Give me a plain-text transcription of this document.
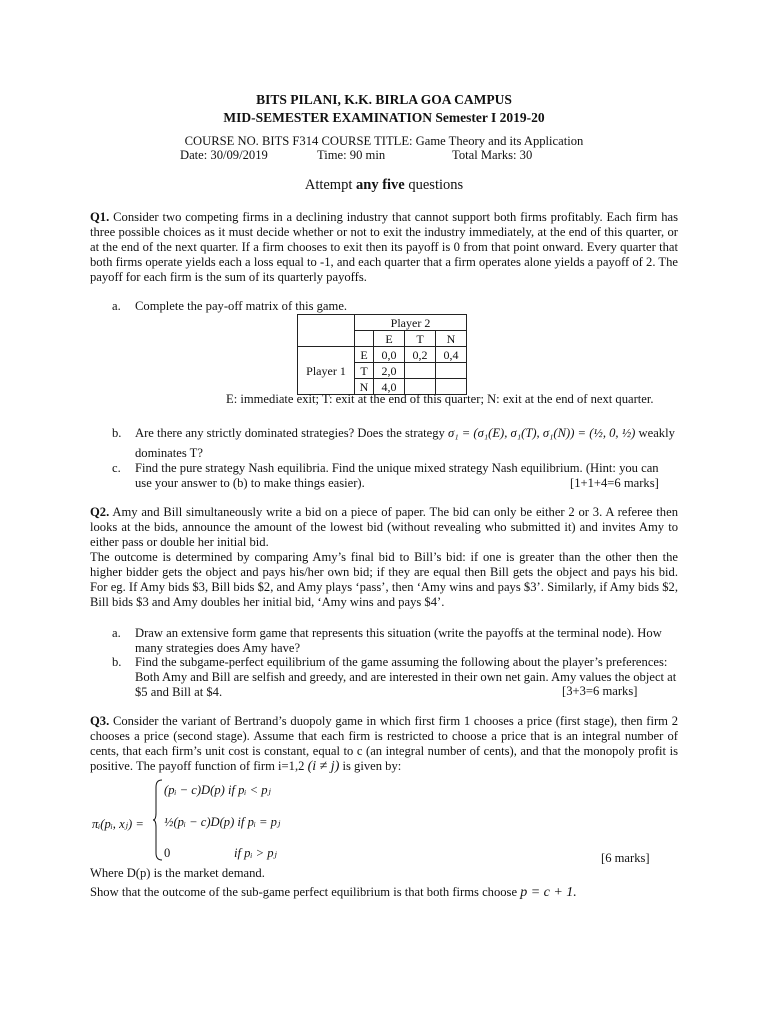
BITS PILANI, K.K. BIRLA GOA CAMPUS
MID-SEMESTER EXAMINATION Semester I 2019-20
COURSE NO. BITS F314 COURSE TITLE: Game Theory and its Application
Date: 30/09/2019	Time: 90 min	Total Marks: 30
Attempt any five questions
Q1. Consider two competing firms in a declining industry that cannot support both firms profitably. Each firm has three possible choices as it must decide whether or not to exit the industry immediately, at the end of this quarter, or at the end of the next quarter. If a firm chooses to exit then its payoff is 0 from that point onward. Every quarter that both firms operate yields each a loss equal to -1, and each quarter that a firm operates alone yields a payoff of 2. The payoff for each firm is the sum of its quarterly payoffs.
a. Complete the pay-off matrix of this game.
	Player 2			
		E	T	N
Player 1	E	0,0	0,2	0,4
	T	2,0		
	N	4,0		
E: immediate exit; T: exit at the end of this quarter; N: exit at the end of next quarter.
b. Are there any strictly dominated strategies? Does the strategy σ₁ = (σ₁(E), σ₁(T), σ₁(N)) = (½, 0, ½) weakly
dominates T?
c. Find the pure strategy Nash equilibria. Find the unique mixed strategy Nash equilibrium. (Hint: you can use your answer to (b) to make things easier).	[1+1+4=6 marks]
Q2. Amy and Bill simultaneously write a bid on a piece of paper. The bid can only be either 2 or 3. A referee then looks at the bids, announce the amount of the lowest bid (without revealing who submitted it) and invites Amy to either pass or double her initial bid.
The outcome is determined by comparing Amy’s final bid to Bill’s bid: if one is greater than the other then the higher bidder gets the object and pays his/her own bid; if they are equal then Bill gets the object and pays his bid. For eg. If Amy bids $3, Bill bids $2, and Amy plays ‘pass’, then ‘Amy wins and pays $3’. Similarly, if Amy bids $2, Bill bids $3 and Amy doubles her initial bid, ‘Amy wins and pays $4’.
a. Draw an extensive form game that represents this situation (write the payoffs at the terminal node). How many strategies does Amy have?
b. Find the subgame-perfect equilibrium of the game assuming the following about the player’s preferences: Both Amy and Bill are selfish and greedy, and are interested in their own net gain. Amy values the object at $5 and Bill at $4.	[3+3=6 marks]
Q3. Consider the variant of Bertrand’s duopoly game in which first firm 1 chooses a price (first stage), then firm 2 chooses a price (second stage). Assume that each firm is restricted to choose a price that is an integral number of cents, that each firm’s unit cost is constant, equal to c (an integral number of cents), and that the monopoly profit is positive. The payoff function of firm i=1,2 (i ≠ j) is given by:
πᵢ(pᵢ, xⱼ) =
(pᵢ − c)D(p) if pᵢ < pⱼ
½(pᵢ − c)D(p) if pᵢ = pⱼ
0	if pᵢ > pⱼ	[6 marks]
Where D(p) is the market demand.
Show that the outcome of the sub-game perfect equilibrium is that both firms choose p = c + 1.
